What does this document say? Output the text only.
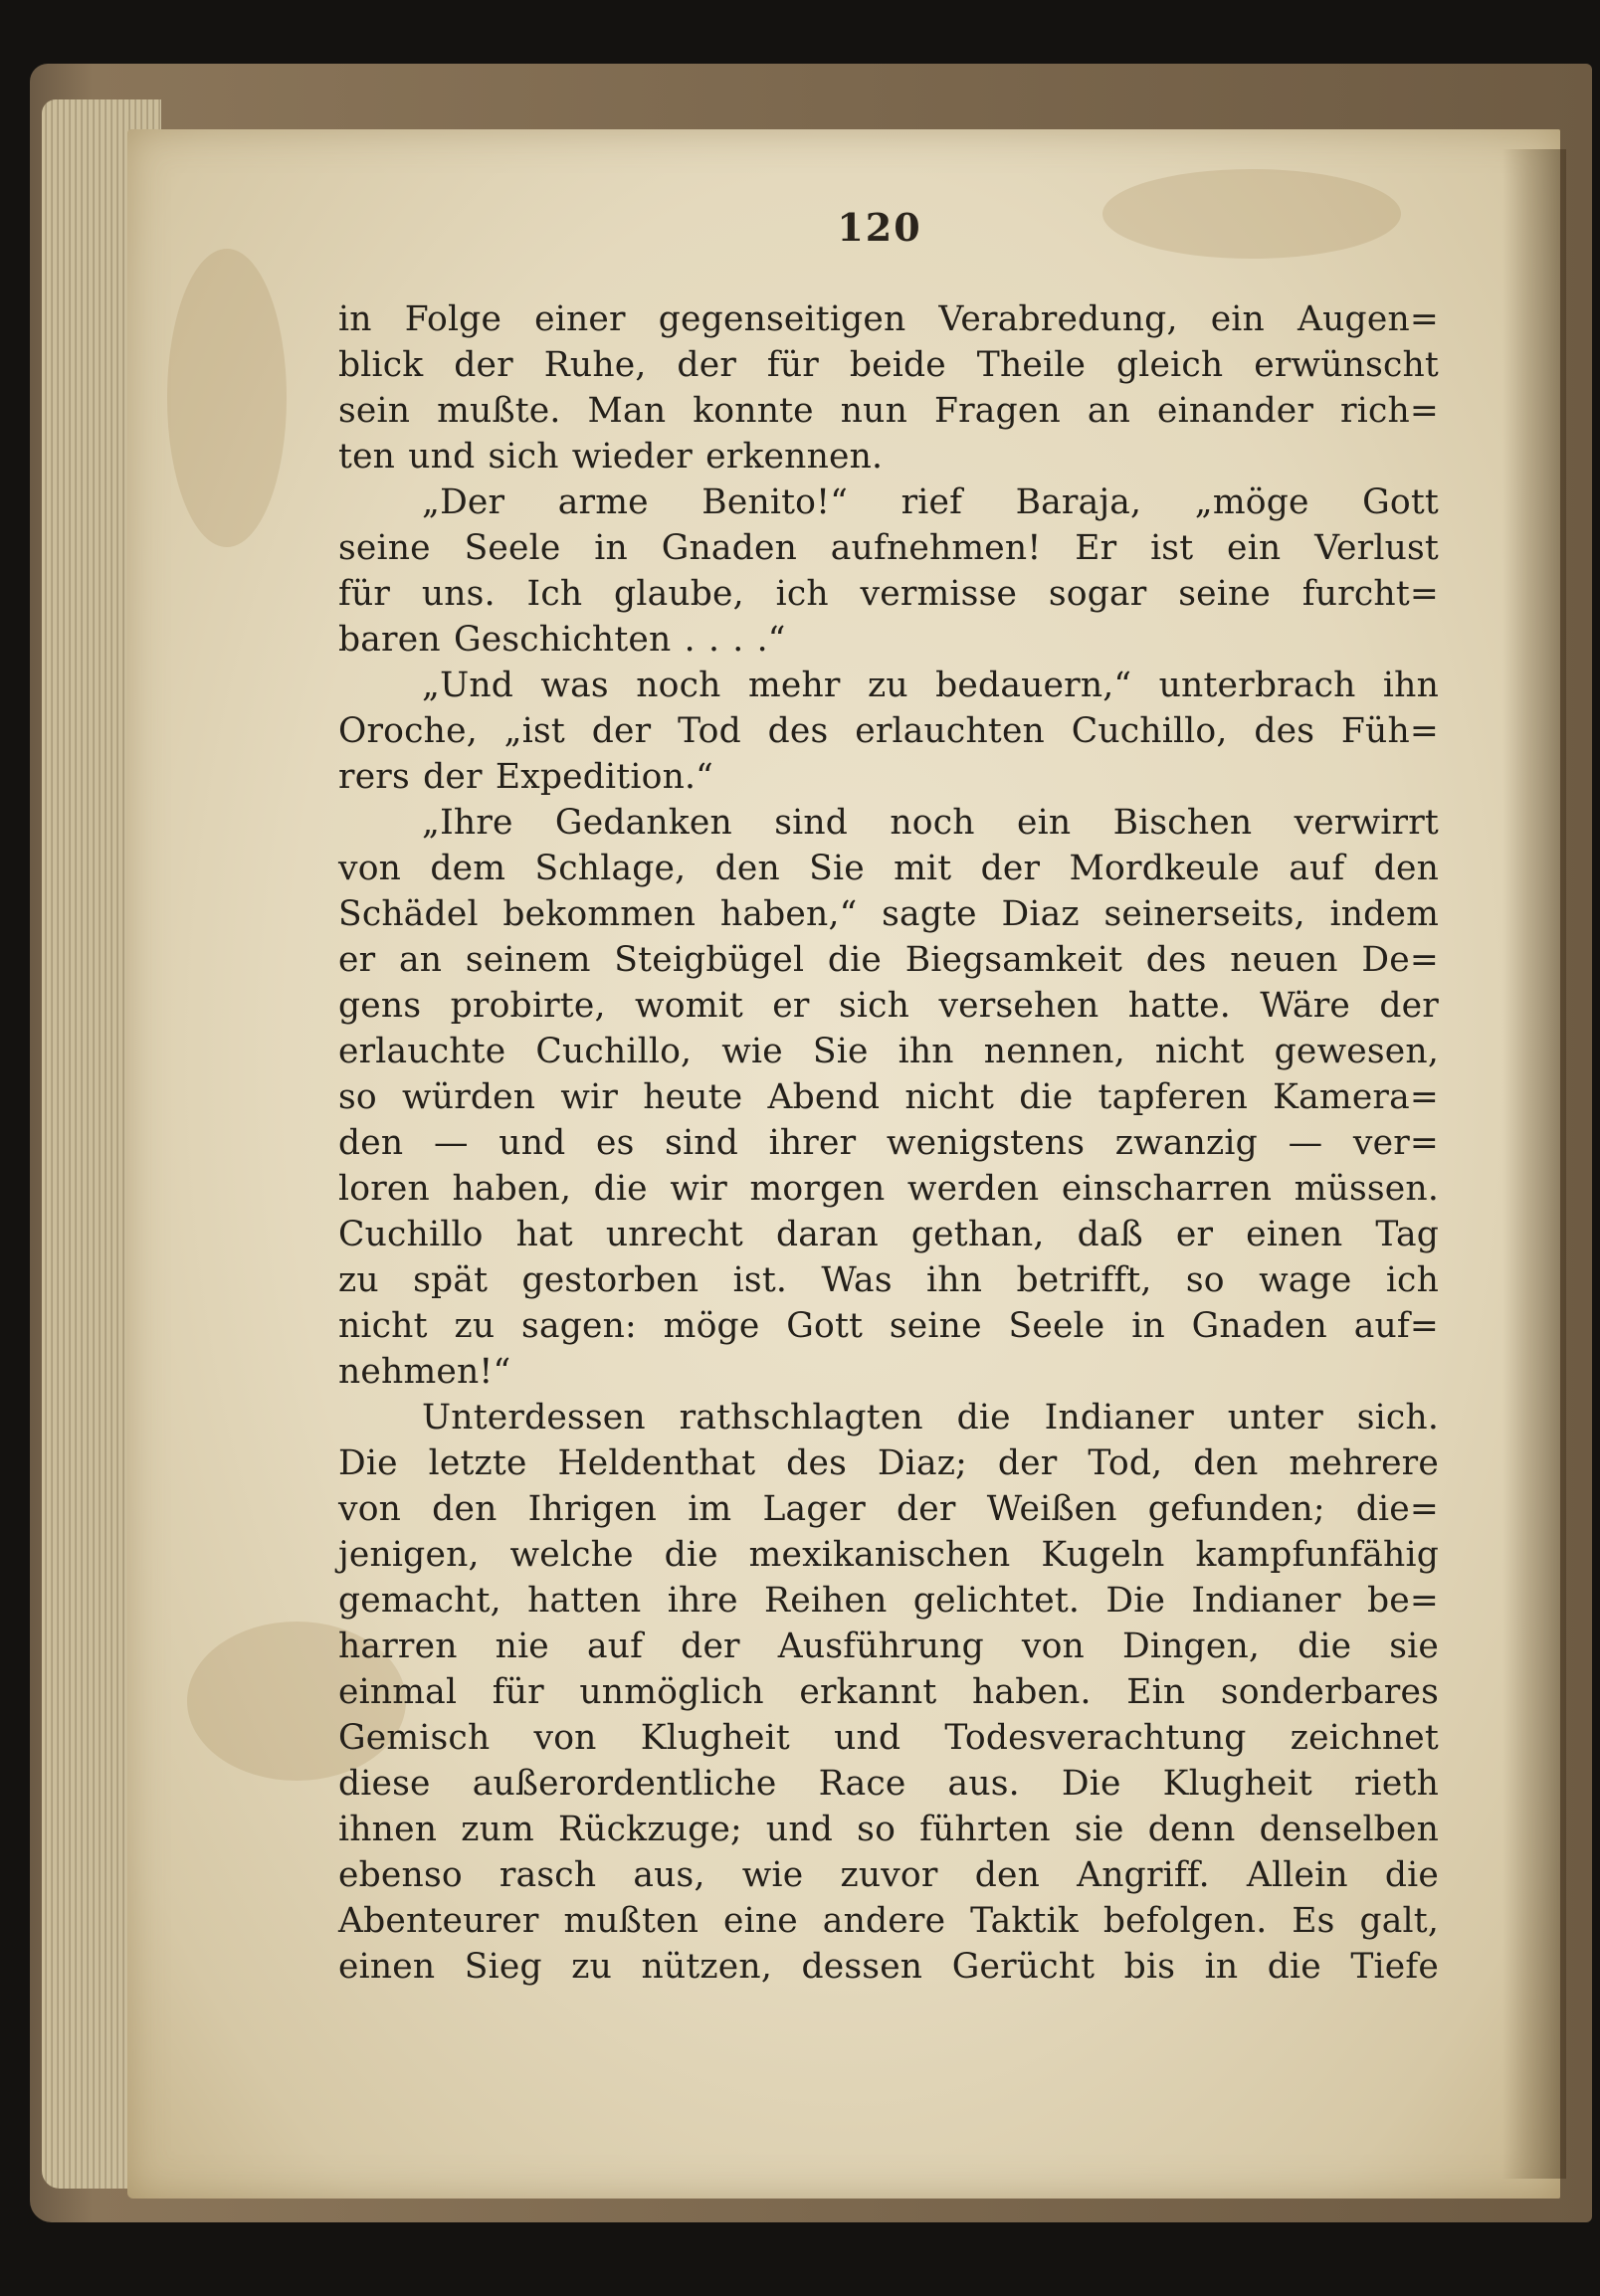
120
in Folge einer gegenseitigen Verabredung, ein Augen=
blick der Ruhe, der für beide Theile gleich erwünscht
sein mußte. Man konnte nun Fragen an einander rich=
ten und sich wieder erkennen.
„Der arme Benito!“ rief Baraja, „möge Gott
seine Seele in Gnaden aufnehmen! Er ist ein Verlust
für uns. Ich glaube, ich vermisse sogar seine furcht=
baren Geschichten . . . .“
„Und was noch mehr zu bedauern,“ unterbrach ihn
Oroche, „ist der Tod des erlauchten Cuchillo, des Füh=
rers der Expedition.“
„Ihre Gedanken sind noch ein Bischen verwirrt
von dem Schlage, den Sie mit der Mordkeule auf den
Schädel bekommen haben,“ sagte Diaz seinerseits, indem
er an seinem Steigbügel die Biegsamkeit des neuen De=
gens probirte, womit er sich versehen hatte. Wäre der
erlauchte Cuchillo, wie Sie ihn nennen, nicht gewesen,
so würden wir heute Abend nicht die tapferen Kamera=
den — und es sind ihrer wenigstens zwanzig — ver=
loren haben, die wir morgen werden einscharren müssen.
Cuchillo hat unrecht daran gethan, daß er einen Tag
zu spät gestorben ist. Was ihn betrifft, so wage ich
nicht zu sagen: möge Gott seine Seele in Gnaden auf=
nehmen!“
Unterdessen rathschlagten die Indianer unter sich.
Die letzte Heldenthat des Diaz; der Tod, den mehrere
von den Ihrigen im Lager der Weißen gefunden; die=
jenigen, welche die mexikanischen Kugeln kampfunfähig
gemacht, hatten ihre Reihen gelichtet. Die Indianer be=
harren nie auf der Ausführung von Dingen, die sie
einmal für unmöglich erkannt haben. Ein sonderbares
Gemisch von Klugheit und Todesverachtung zeichnet
diese außerordentliche Race aus. Die Klugheit rieth
ihnen zum Rückzuge; und so führten sie denn denselben
ebenso rasch aus, wie zuvor den Angriff. Allein die
Abenteurer mußten eine andere Taktik befolgen. Es galt,
einen Sieg zu nützen, dessen Gerücht bis in die Tiefe
